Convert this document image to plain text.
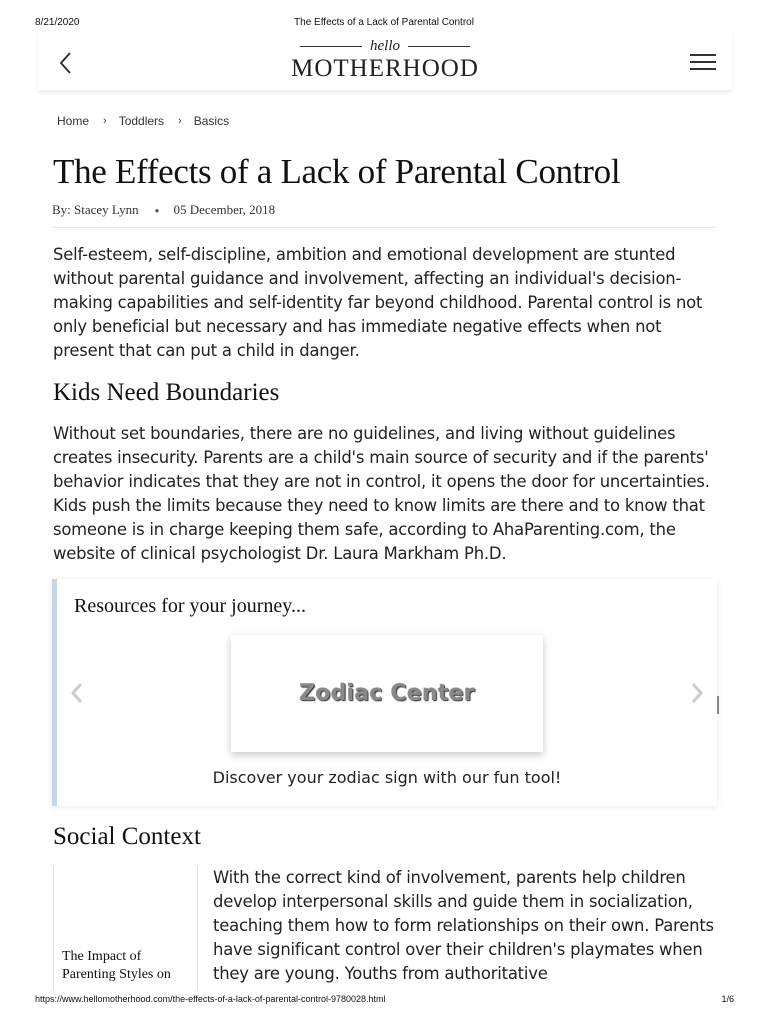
8/21/2020	The Effects of a Lack of Parental Control
hello
MOTHERHOOD
Home › Toddlers › Basics
The Effects of a Lack of Parental Control
By: Stacey Lynn ● 05 December, 2018

Self-esteem, self-discipline, ambition and emotional development are stunted without parental guidance and involvement, affecting an individual's decision-making capabilities and self-identity far beyond childhood. Parental control is not only beneficial but necessary and has immediate negative effects when not present that can put a child in danger.

Kids Need Boundaries

Without set boundaries, there are no guidelines, and living without guidelines creates insecurity. Parents are a child's main source of security and if the parents' behavior indicates that they are not in control, it opens the door for uncertainties. Kids push the limits because they need to know limits are there and to know that someone is in charge keeping them safe, according to AhaParenting.com, the website of clinical psychologist Dr. Laura Markham Ph.D.

Resources for your journey...
Zodiac Center
Discover your zodiac sign with our fun tool!
Social Context
The Impact of Parenting Styles on

With the correct kind of involvement, parents help children develop interpersonal skills and guide them in socialization, teaching them how to form relationships on their own. Parents have significant control over their children's playmates when they are young. Youths from authoritative

https://www.hellomotherhood.com/the-effects-of-a-lack-of-parental-control-9780028.html	1/6
